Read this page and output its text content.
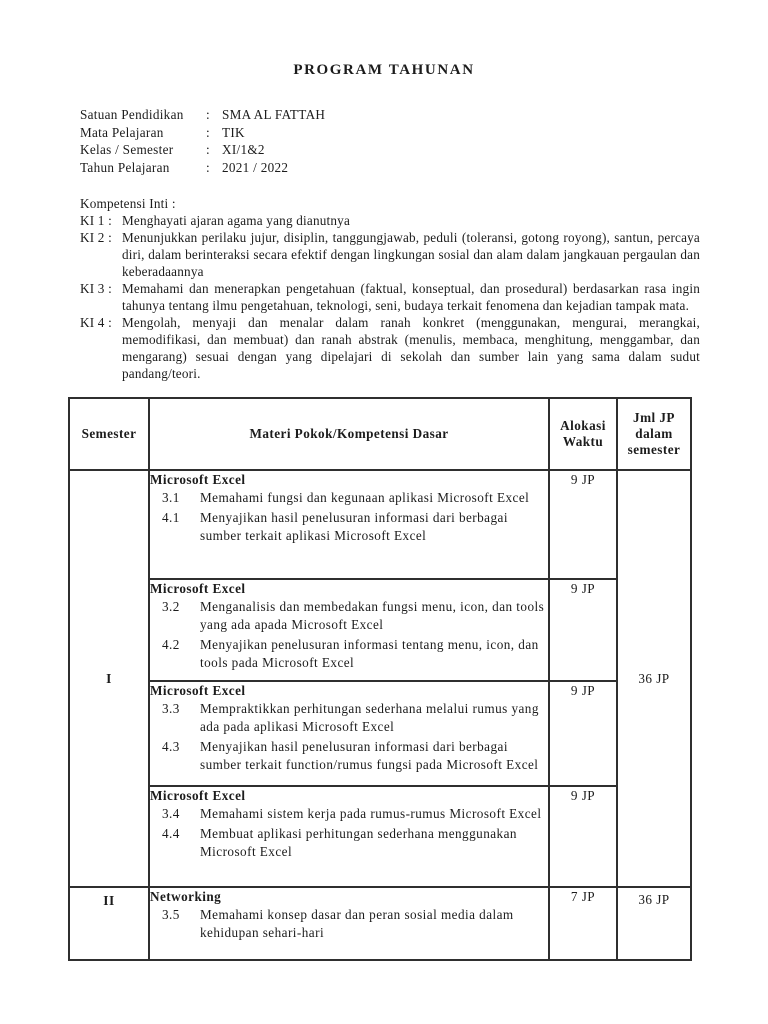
PROGRAM TAHUNAN
Satuan Pendidikan	: SMA AL FATTAH
Mata Pelajaran	: TIK
Kelas / Semester	: XI/1&2
Tahun Pelajaran	: 2021 / 2022
Kompetensi Inti :
KI 1 : Menghayati ajaran agama yang dianutnya
KI 2 : Menunjukkan perilaku jujur, disiplin, tanggungjawab, peduli (toleransi, gotong royong), santun, percaya diri, dalam berinteraksi secara efektif dengan lingkungan sosial dan alam dalam jangkauan pergaulan dan keberadaannya
KI 3 : Memahami dan menerapkan pengetahuan (faktual, konseptual, dan prosedural) berdasarkan rasa ingin tahunya tentang ilmu pengetahuan, teknologi, seni, budaya terkait fenomena dan kejadian tampak mata.
KI 4 : Mengolah, menyaji dan menalar dalam ranah konkret (menggunakan, mengurai, merangkai, memodifikasi, dan membuat) dan ranah abstrak (menulis, membaca, menghitung, menggambar, dan mengarang) sesuai dengan yang dipelajari di sekolah dan sumber lain yang sama dalam sudut pandang/teori.
Semester	Materi Pokok/Kompetensi Dasar	Alokasi Waktu	Jml JP dalam semester
I	Microsoft Excel
3.1 Memahami fungsi dan kegunaan aplikasi Microsoft Excel
4.1 Menyajikan hasil penelusuran informasi dari berbagai sumber terkait aplikasi Microsoft Excel	9 JP	36 JP

	Microsoft Excel
3.2 Menganalisis dan membedakan fungsi menu, icon, dan tools yang ada apada Microsoft Excel
4.2 Menyajikan penelusuran informasi tentang menu, icon, dan tools pada Microsoft Excel	9 JP	

	Microsoft Excel
3.3 Mempraktikkan perhitungan sederhana melalui rumus yang ada pada aplikasi Microsoft Excel
4.3 Menyajikan hasil penelusuran informasi dari berbagai sumber terkait function/rumus fungsi pada Microsoft Excel	9 JP	

	Microsoft Excel
3.4 Memahami sistem kerja pada rumus-rumus Microsoft Excel
4.4 Membuat aplikasi perhitungan sederhana menggunakan Microsoft Excel	9 JP	
II	Networking
3.5 Memahami konsep dasar dan peran sosial media dalam kehidupan sehari-hari	7 JP	36 JP
